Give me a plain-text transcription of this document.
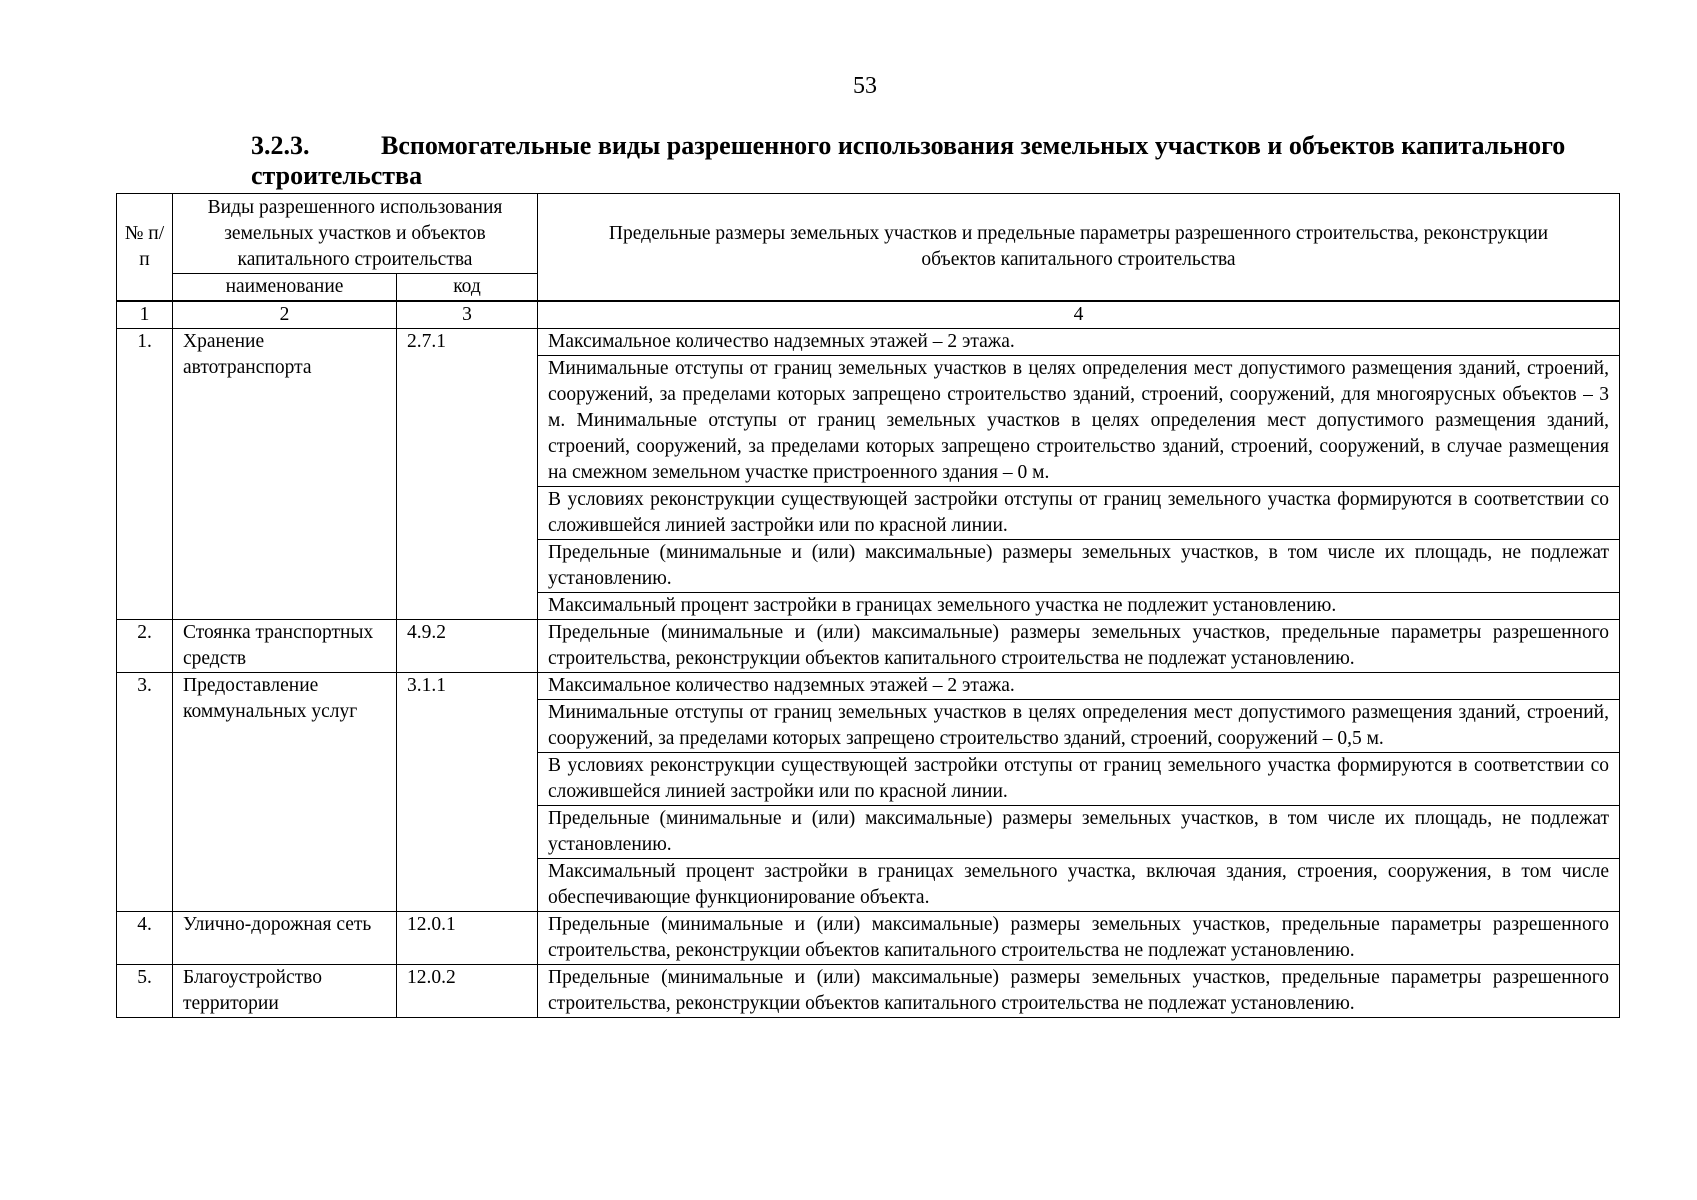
53
3.2.3.	Вспомогательные виды разрешенного использования земельных участков и объектов капитального
строительства
№ п/п	Виды разрешенного использования земельных участков и объектов капитального строительства		Предельные размеры земельных участков и предельные параметры разрешенного строительства, реконструкции объектов капитального строительства
	наименование	код	
1	2	3	4
1.	Хранение автотранспорта	2.7.1	Максимальное количество надземных этажей – 2 этажа.
			Минимальные отступы от границ земельных участков в целях определения мест допустимого размещения зданий, строений, сооружений, за пределами которых запрещено строительство зданий, строений, сооружений, для многоярусных объектов – 3 м. Минимальные отступы от границ земельных участков в целях определения мест допустимого размещения зданий, строений, сооружений, за пределами которых запрещено строительство зданий, строений, сооружений, в случае размещения на смежном земельном участке пристроенного здания – 0 м.
			В условиях реконструкции существующей застройки отступы от границ земельного участка формируются в соответствии со сложившейся линией застройки или по красной линии.
			Предельные (минимальные и (или) максимальные) размеры земельных участков, в том числе их площадь, не подлежат установлению.
			Максимальный процент застройки в границах земельного участка не подлежит установлению.
2.	Стоянка транспортных средств	4.9.2	Предельные (минимальные и (или) максимальные) размеры земельных участков, предельные параметры разрешенного строительства, реконструкции объектов капитального строительства не подлежат установлению.
3.	Предоставление коммунальных услуг	3.1.1	Максимальное количество надземных этажей – 2 этажа.
			Минимальные отступы от границ земельных участков в целях определения мест допустимого размещения зданий, строений, сооружений, за пределами которых запрещено строительство зданий, строений, сооружений – 0,5 м.
			В условиях реконструкции существующей застройки отступы от границ земельного участка формируются в соответствии со сложившейся линией застройки или по красной линии.
			Предельные (минимальные и (или) максимальные) размеры земельных участков, в том числе их площадь, не подлежат установлению.
			Максимальный процент застройки в границах земельного участка, включая здания, строения, сооружения, в том числе обеспечивающие функционирование объекта.
4.	Улично-дорожная сеть	12.0.1	Предельные (минимальные и (или) максимальные) размеры земельных участков, предельные параметры разрешенного строительства, реконструкции объектов капитального строительства не подлежат установлению.
5.	Благоустройство территории	12.0.2	Предельные (минимальные и (или) максимальные) размеры земельных участков, предельные параметры разрешенного строительства, реконструкции объектов капитального строительства не подлежат установлению.
